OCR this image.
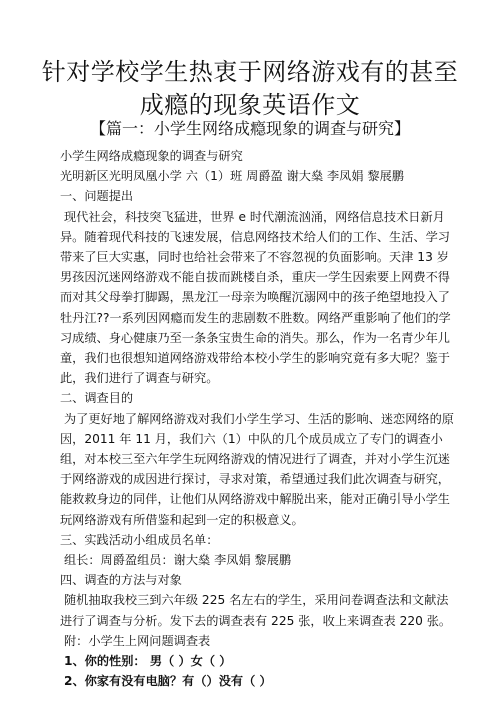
针对学校学生热衷于网络游戏有的甚至
成瘾的现象英语作文
【篇一：小学生网络成瘾现象的调查与研究】

小学生网络成瘾现象的调查与研究

光明新区光明凤凰小学 六（1）班 周爵盈 谢大燊 李凤娟 黎展鹏

一、问题提出

现代社会，科技突飞猛进，世界 e 时代潮流汹涌，网络信息技术日新月异。随着现代科技的飞速发展，信息网络技术给人们的工作、生活、学习带来了巨大实惠，同时也给社会带来了不容忽视的负面影响。天津 13 岁男孩因沉迷网络游戏不能自拔而跳楼自杀，重庆一学生因索要上网费不得而对其父母拳打脚踢，黑龙江一母亲为唤醒沉溺网中的孩子绝望地投入了牡丹江??一系列因网瘾而发生的悲剧数不胜数。网络严重影响了他们的学习成绩、身心健康乃至一条条宝贵生命的消失。那么，作为一名青少年儿童，我们也很想知道网络游戏带给本校小学生的影响究竟有多大呢？鉴于此，我们进行了调查与研究。

二、调查目的

为了更好地了解网络游戏对我们小学生学习、生活的影响、迷恋网络的原因，2011 年 11 月，我们六（1）中队的几个成员成立了专门的调查小组，对本校三至六年学生玩网络游戏的情况进行了调查，并对小学生沉迷于网络游戏的成因进行探讨，寻求对策，希望通过我们此次调查与研究，能救救身边的同伴，让他们从网络游戏中解脱出来，能对正确引导小学生玩网络游戏有所借鉴和起到一定的积极意义。

三、实践活动小组成员名单：

组长：周爵盈组员：谢大燊 李凤娟 黎展鹏

四、调查的方法与对象

随机抽取我校三到六年级 225 名左右的学生，采用问卷调查法和文献法进行了调查与分析。发下去的调查表有 225 张，收上来调查表 220 张。

附：小学生上网问题调查表

1、你的性别： 男（ ）女（ ）

2、你家有没有电脑？有（）没有（ ）
